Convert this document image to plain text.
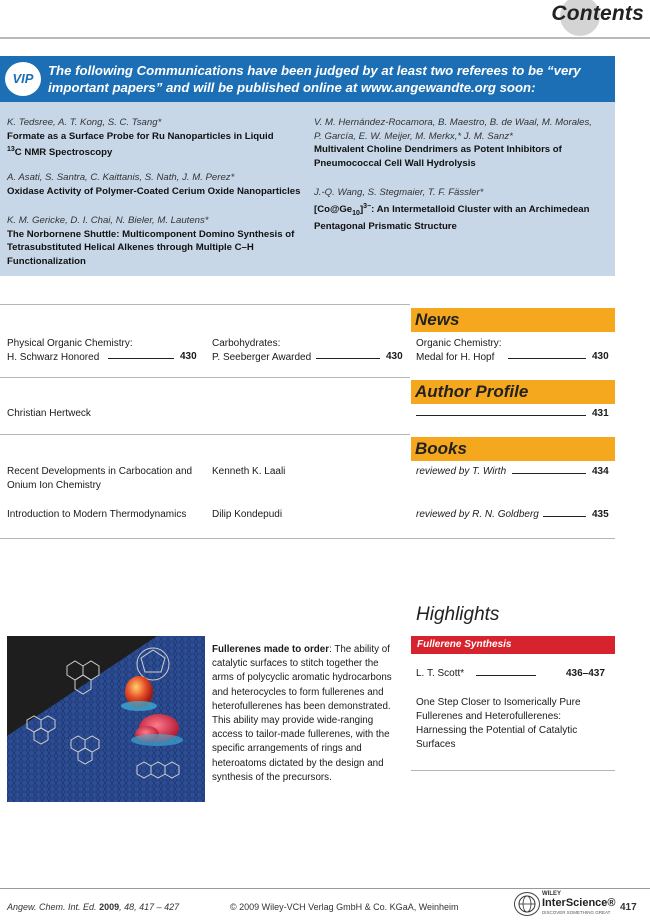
Contents
VIP
The following Communications have been judged by at least two referees to be “very
important papers” and will be published online at www.angewandte.org soon:
K. Tedsree, A. T. Kong, S. C. Tsang*
Formate as a Surface Probe for Ru Nanoparticles in Liquid
$^{13}$C NMR Spectroscopy
A. Asati, S. Santra, C. Kaittanis, S. Nath, J. M. Perez*
Oxidase Activity of Polymer-Coated Cerium Oxide Nanoparticles
K. M. Gericke, D. I. Chai, N. Bieler, M. Lautens*
The Norbornene Shuttle: Multicomponent Domino Synthesis of
Tetrasubstituted Helical Alkenes through Multiple C–H
Functionalization
V. M. Hernández-Rocamora, B. Maestro, B. de Waal, M. Morales,
P. García, E. W. Meijer, M. Merkx,* J. M. Sanz*
Multivalent Choline Dendrimers as Potent Inhibitors of
Pneumococcal Cell Wall Hydrolysis
J.-Q. Wang, S. Stegmaier, T. F. Fässler*
$[Co@Ge_{10}]^{3-}$: An Intermetalloid Cluster with an Archimedean
Pentagonal Prismatic Structure
News
Physical Organic Chemistry:
H. Schwarz Honored	430
Carbohydrates:
P. Seeberger Awarded	430
Organic Chemistry:
Medal for H. Hopf	430
Author Profile
Christian Hertweck	431
Books
Recent Developments in Carbocation and
Onium Ion Chemistry
Kenneth K. Laali	reviewed by T. Wirth	434
Introduction to Modern Thermodynamics	Dilip Kondepudi	reviewed by R. N. Goldberg	435
Highlights
Fullerene Synthesis
Fullerenes made to order: The ability of
catalytic surfaces to stitch together the
arms of polycyclic aromatic hydrocarbons
and heterocycles to form fullerenes and
heterofullerenes has been demonstrated.
This ability may provide wide-ranging
access to tailor-made fullerenes, with the
specific arrangements of rings and
heteroatoms dictated by the design and
synthesis of the precursors.
L. T. Scott*	436–437
One Step Closer to Isomerically Pure
Fullerenes and Heterofullerenes:
Harnessing the Potential of Catalytic
Surfaces
Angew. Chem. Int. Ed. 2009, 48, 417 – 427	© 2009 Wiley-VCH Verlag GmbH & Co. KGaA, Weinheim
WILEY
InterScience®
DISCOVER SOMETHING GREAT 417
